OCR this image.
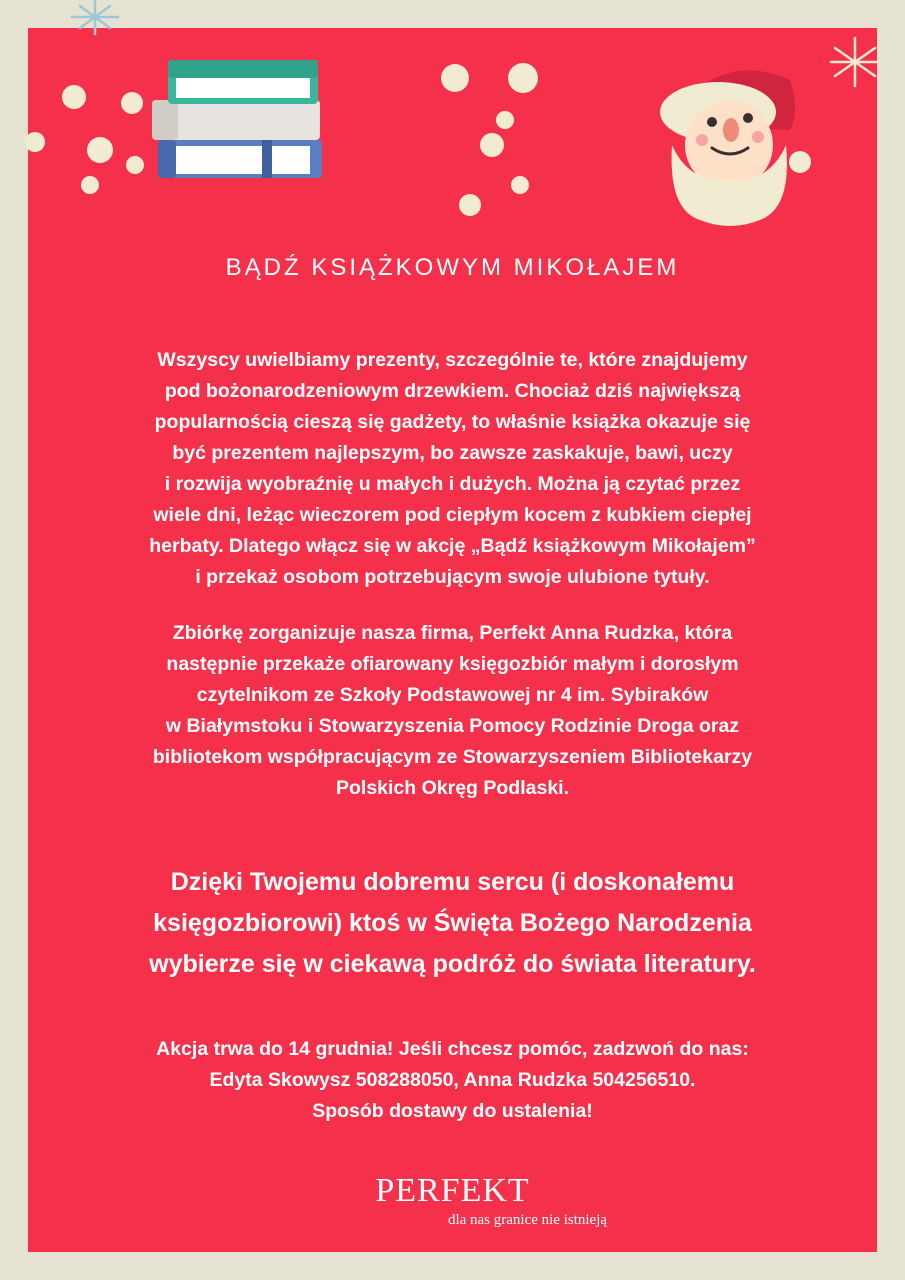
BĄDŹ KSIĄŻKOWYM MIKOŁAJEM

Wszyscy uwielbiamy prezenty, szczególnie te, które znajdujemy
pod bożonarodzeniowym drzewkiem. Chociaż dziś największą
popularnością cieszą się gadżety, to właśnie książka okazuje się
być prezentem najlepszym, bo zawsze zaskakuje, bawi, uczy
i rozwija wyobraźnię u małych i dużych. Można ją czytać przez
wiele dni, leżąc wieczorem pod ciepłym kocem z kubkiem ciepłej
herbaty. Dlatego włącz się w akcję „Bądź książkowym Mikołajem”
i przekaż osobom potrzebującym swoje ulubione tytuły.

Zbiórkę zorganizuje nasza firma, Perfekt Anna Rudzka, która
następnie przekaże ofiarowany księgozbiór małym i dorosłym
czytelnikom ze Szkoły Podstawowej nr 4 im. Sybiraków
w Białymstoku i Stowarzyszenia Pomocy Rodzinie Droga oraz
bibliotekom współpracującym ze Stowarzyszeniem Bibliotekarzy
Polskich Okręg Podlaski.

Dzięki Twojemu dobremu sercu (i doskonałemu
księgozbiorowi) ktoś w Święta Bożego Narodzenia
wybierze się w ciekawą podróż do świata literatury.

Akcja trwa do 14 grudnia! Jeśli chcesz pomóc, zadzwoń do nas:
Edyta Skowysz 508288050, Anna Rudzka 504256510.
Sposób dostawy do ustalenia!

PERFEKT
dla nas granice nie istnieją
